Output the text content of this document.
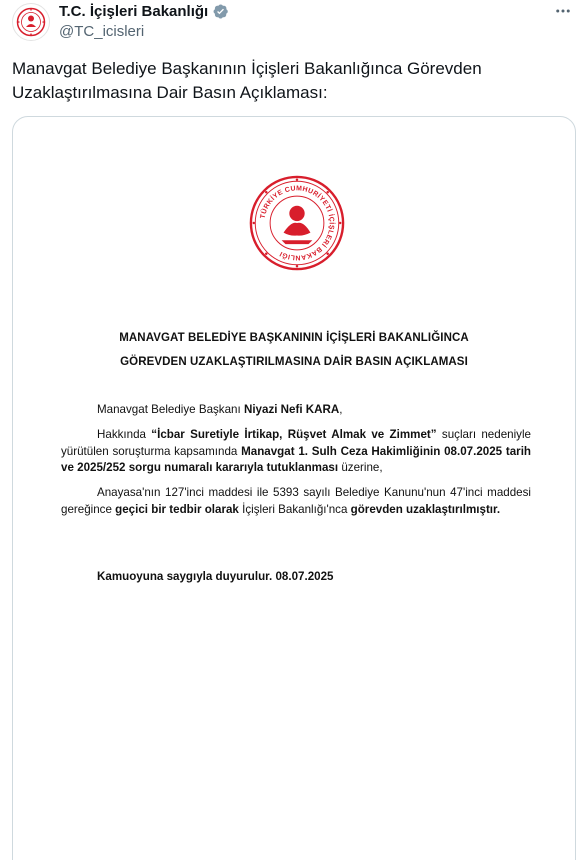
T.C. İçişleri Bakanlığı
@TC_icisleri
Manavgat Belediye Başkanının İçişleri Bakanlığınca Görevden Uzaklaştırılmasına Dair Basın Açıklaması:
TÜRKİYE CUMHURİYETİ İÇİŞLERİ BAKANLIĞI
MANAVGAT BELEDİYE BAŞKANININ İÇİŞLERİ BAKANLIĞINCA
GÖREVDEN UZAKLAŞTIRILMASINA DAİR BASIN AÇIKLAMASI
Manavgat Belediye Başkanı Niyazi Nefi KARA,
Hakkında “İcbar Suretiyle İrtikap, Rüşvet Almak ve Zimmet” suçları nedeniyle yürütülen soruşturma kapsamında Manavgat 1. Sulh Ceza Hakimliğinin 08.07.2025 tarih ve 2025/252 sorgu numaralı kararıyla tutuklanması üzerine,
Anayasa'nın 127'inci maddesi ile 5393 sayılı Belediye Kanunu'nun 47'inci maddesi gereğince geçici bir tedbir olarak İçişleri Bakanlığı'nca görevden uzaklaştırılmıştır.
Kamuoyuna saygıyla duyurulur. 08.07.2025
